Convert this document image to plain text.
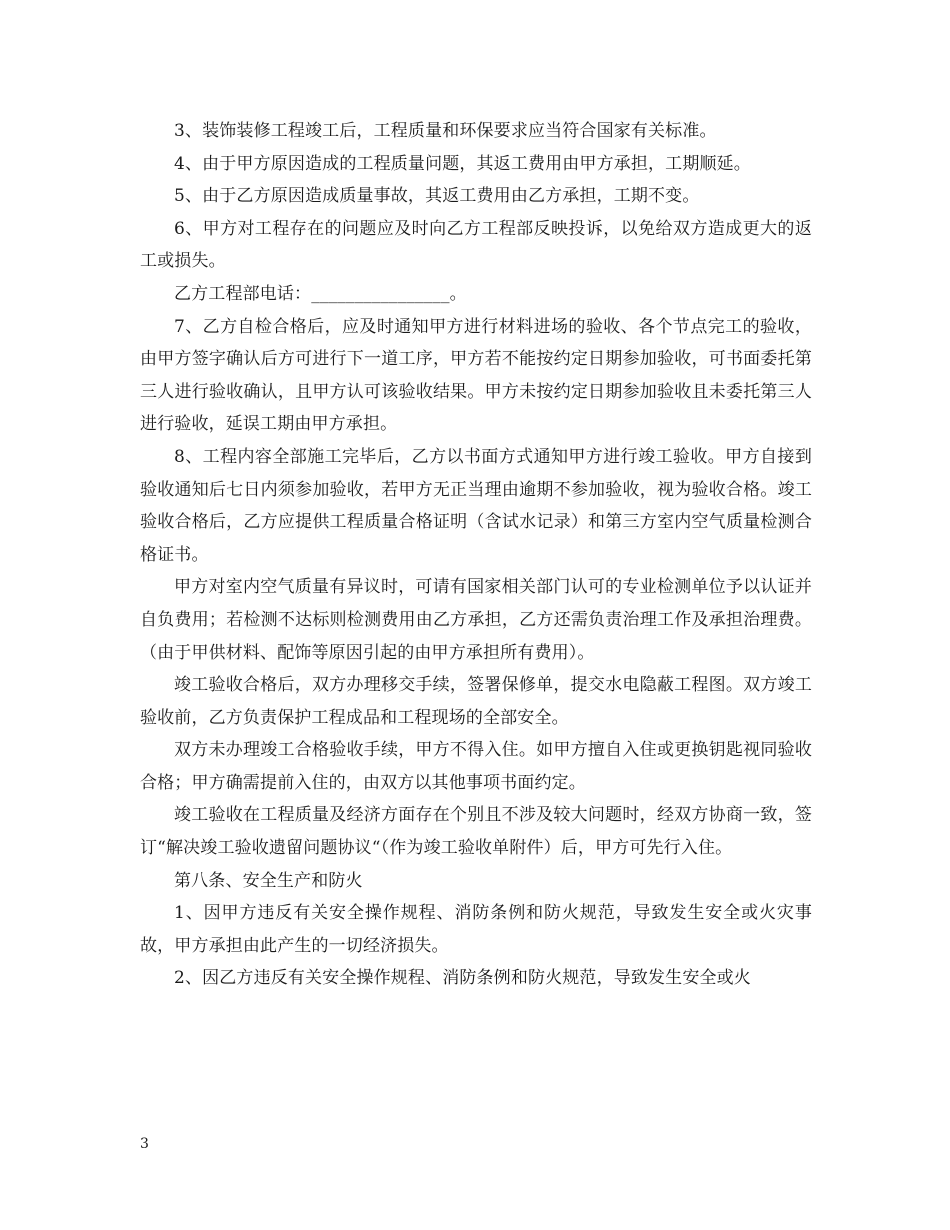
3、装饰装修工程竣工后，工程质量和环保要求应当符合国家有关标准。

4、由于甲方原因造成的工程质量问题，其返工费用由甲方承担，工期顺延。

5、由于乙方原因造成质量事故，其返工费用由乙方承担，工期不变。

6、甲方对工程存在的问题应及时向乙方工程部反映投诉，以免给双方造成更大的返工或损失。

乙方工程部电话：________________。

7、乙方自检合格后，应及时通知甲方进行材料进场的验收、各个节点完工的验收，由甲方签字确认后方可进行下一道工序，甲方若不能按约定日期参加验收，可书面委托第三人进行验收确认，且甲方认可该验收结果。甲方未按约定日期参加验收且未委托第三人进行验收，延误工期由甲方承担。

8、工程内容全部施工完毕后，乙方以书面方式通知甲方进行竣工验收。甲方自接到验收通知后七日内须参加验收，若甲方无正当理由逾期不参加验收，视为验收合格。竣工验收合格后，乙方应提供工程质量合格证明（含试水记录）和第三方室内空气质量检测合格证书。

甲方对室内空气质量有异议时，可请有国家相关部门认可的专业检测单位予以认证并自负费用；若检测不达标则检测费用由乙方承担，乙方还需负责治理工作及承担治理费。（由于甲供材料、配饰等原因引起的由甲方承担所有费用）。

竣工验收合格后，双方办理移交手续，签署保修单，提交水电隐蔽工程图。双方竣工验收前，乙方负责保护工程成品和工程现场的全部安全。

双方未办理竣工合格验收手续，甲方不得入住。如甲方擅自入住或更换钥匙视同验收合格；甲方确需提前入住的，由双方以其他事项书面约定。

竣工验收在工程质量及经济方面存在个别且不涉及较大问题时，经双方协商一致，签订“解决竣工验收遗留问题协议“（作为竣工验收单附件）后，甲方可先行入住。

第八条、安全生产和防火

1、因甲方违反有关安全操作规程、消防条例和防火规范，导致发生安全或火灾事故，甲方承担由此产生的一切经济损失。

2、因乙方违反有关安全操作规程、消防条例和防火规范，导致发生安全或火

3
